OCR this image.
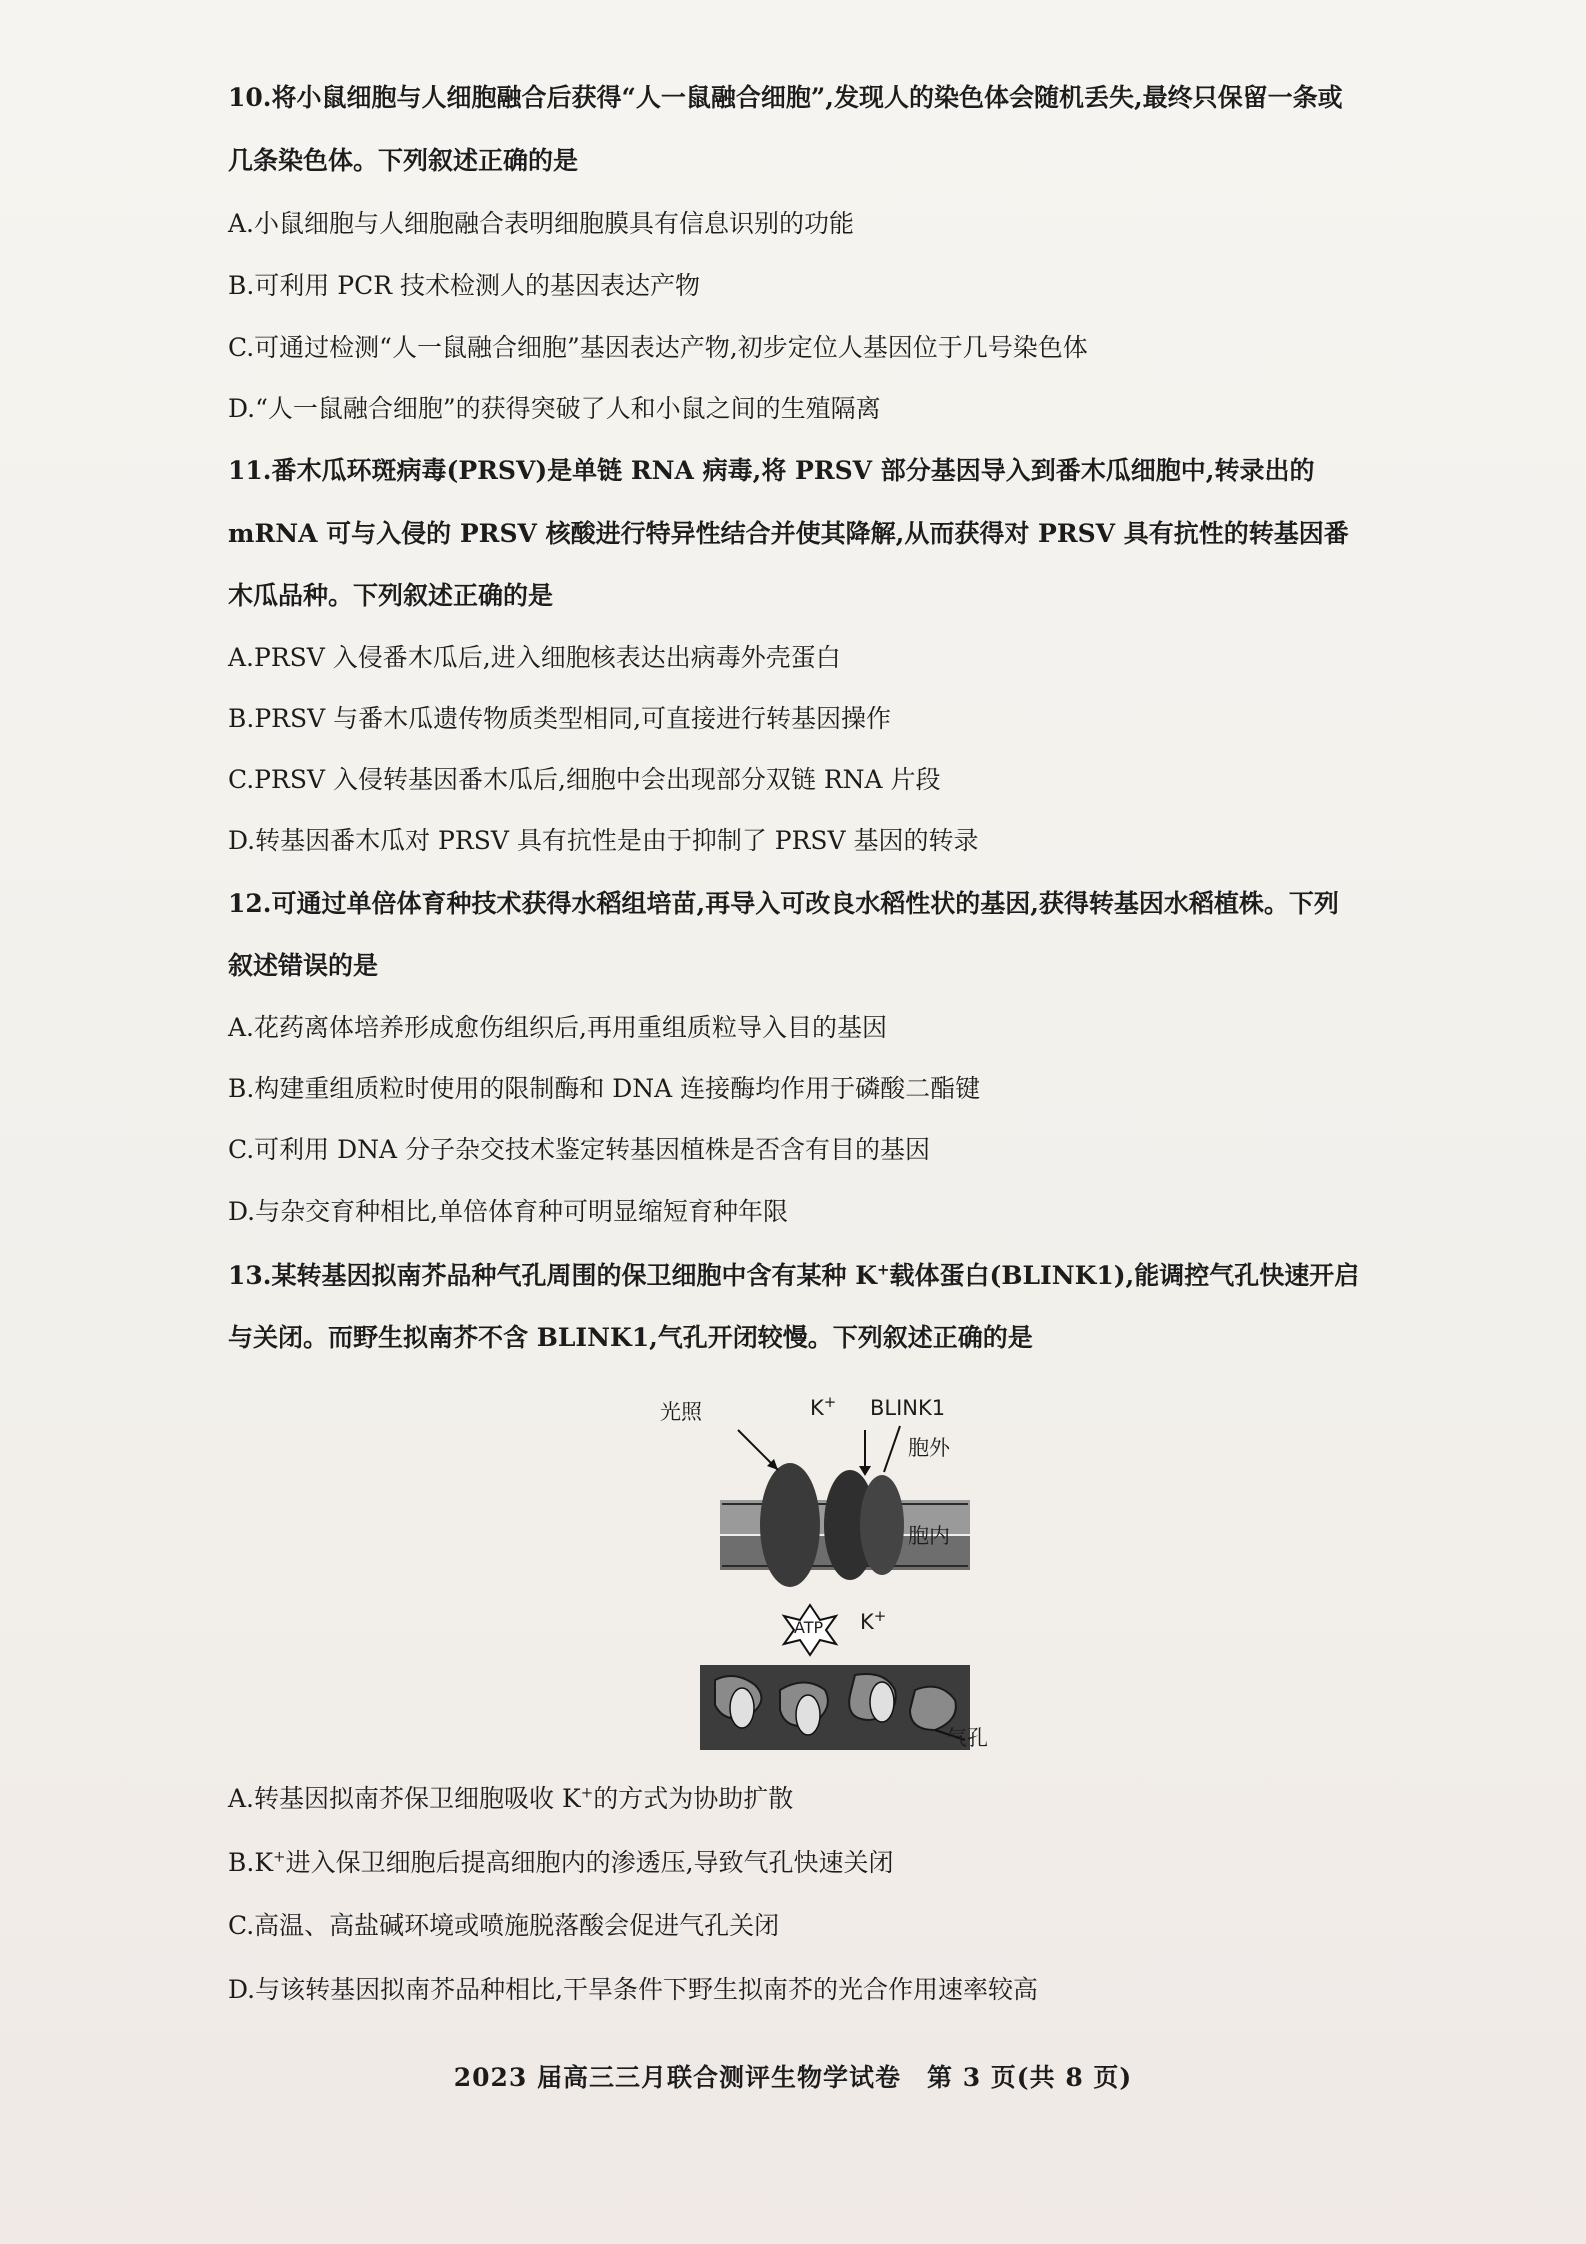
10.将小鼠细胞与人细胞融合后获得“人一鼠融合细胞”,发现人的染色体会随机丢失,最终只保留一条或
几条染色体。下列叙述正确的是
A.小鼠细胞与人细胞融合表明细胞膜具有信息识别的功能
B.可利用 PCR 技术检测人的基因表达产物
C.可通过检测“人一鼠融合细胞”基因表达产物,初步定位人基因位于几号染色体
D.“人一鼠融合细胞”的获得突破了人和小鼠之间的生殖隔离
11.番木瓜环斑病毒(PRSV)是单链 RNA 病毒,将 PRSV 部分基因导入到番木瓜细胞中,转录出的
mRNA 可与入侵的 PRSV 核酸进行特异性结合并使其降解,从而获得对 PRSV 具有抗性的转基因番
木瓜品种。下列叙述正确的是
A.PRSV 入侵番木瓜后,进入细胞核表达出病毒外壳蛋白
B.PRSV 与番木瓜遗传物质类型相同,可直接进行转基因操作
C.PRSV 入侵转基因番木瓜后,细胞中会出现部分双链 RNA 片段
D.转基因番木瓜对 PRSV 具有抗性是由于抑制了 PRSV 基因的转录
12.可通过单倍体育种技术获得水稻组培苗,再导入可改良水稻性状的基因,获得转基因水稻植株。下列
叙述错误的是
A.花药离体培养形成愈伤组织后,再用重组质粒导入目的基因
B.构建重组质粒时使用的限制酶和 DNA 连接酶均作用于磷酸二酯键
C.可利用 DNA 分子杂交技术鉴定转基因植株是否含有目的基因
D.与杂交育种相比,单倍体育种可明显缩短育种年限
13.某转基因拟南芥品种气孔周围的保卫细胞中含有某种 K+载体蛋白(BLINK1),能调控气孔快速开启
与关闭。而野生拟南芥不含 BLINK1,气孔开闭较慢。下列叙述正确的是
光照	K+ BLINK1
胞外
胞内
ATP K+
气孔
A.转基因拟南芥保卫细胞吸收 K+的方式为协助扩散
B.K+进入保卫细胞后提高细胞内的渗透压,导致气孔快速关闭
C.高温、高盐碱环境或喷施脱落酸会促进气孔关闭
D.与该转基因拟南芥品种相比,干旱条件下野生拟南芥的光合作用速率较高
2023 届高三三月联合测评生物学试卷　第 3 页(共 8 页)
